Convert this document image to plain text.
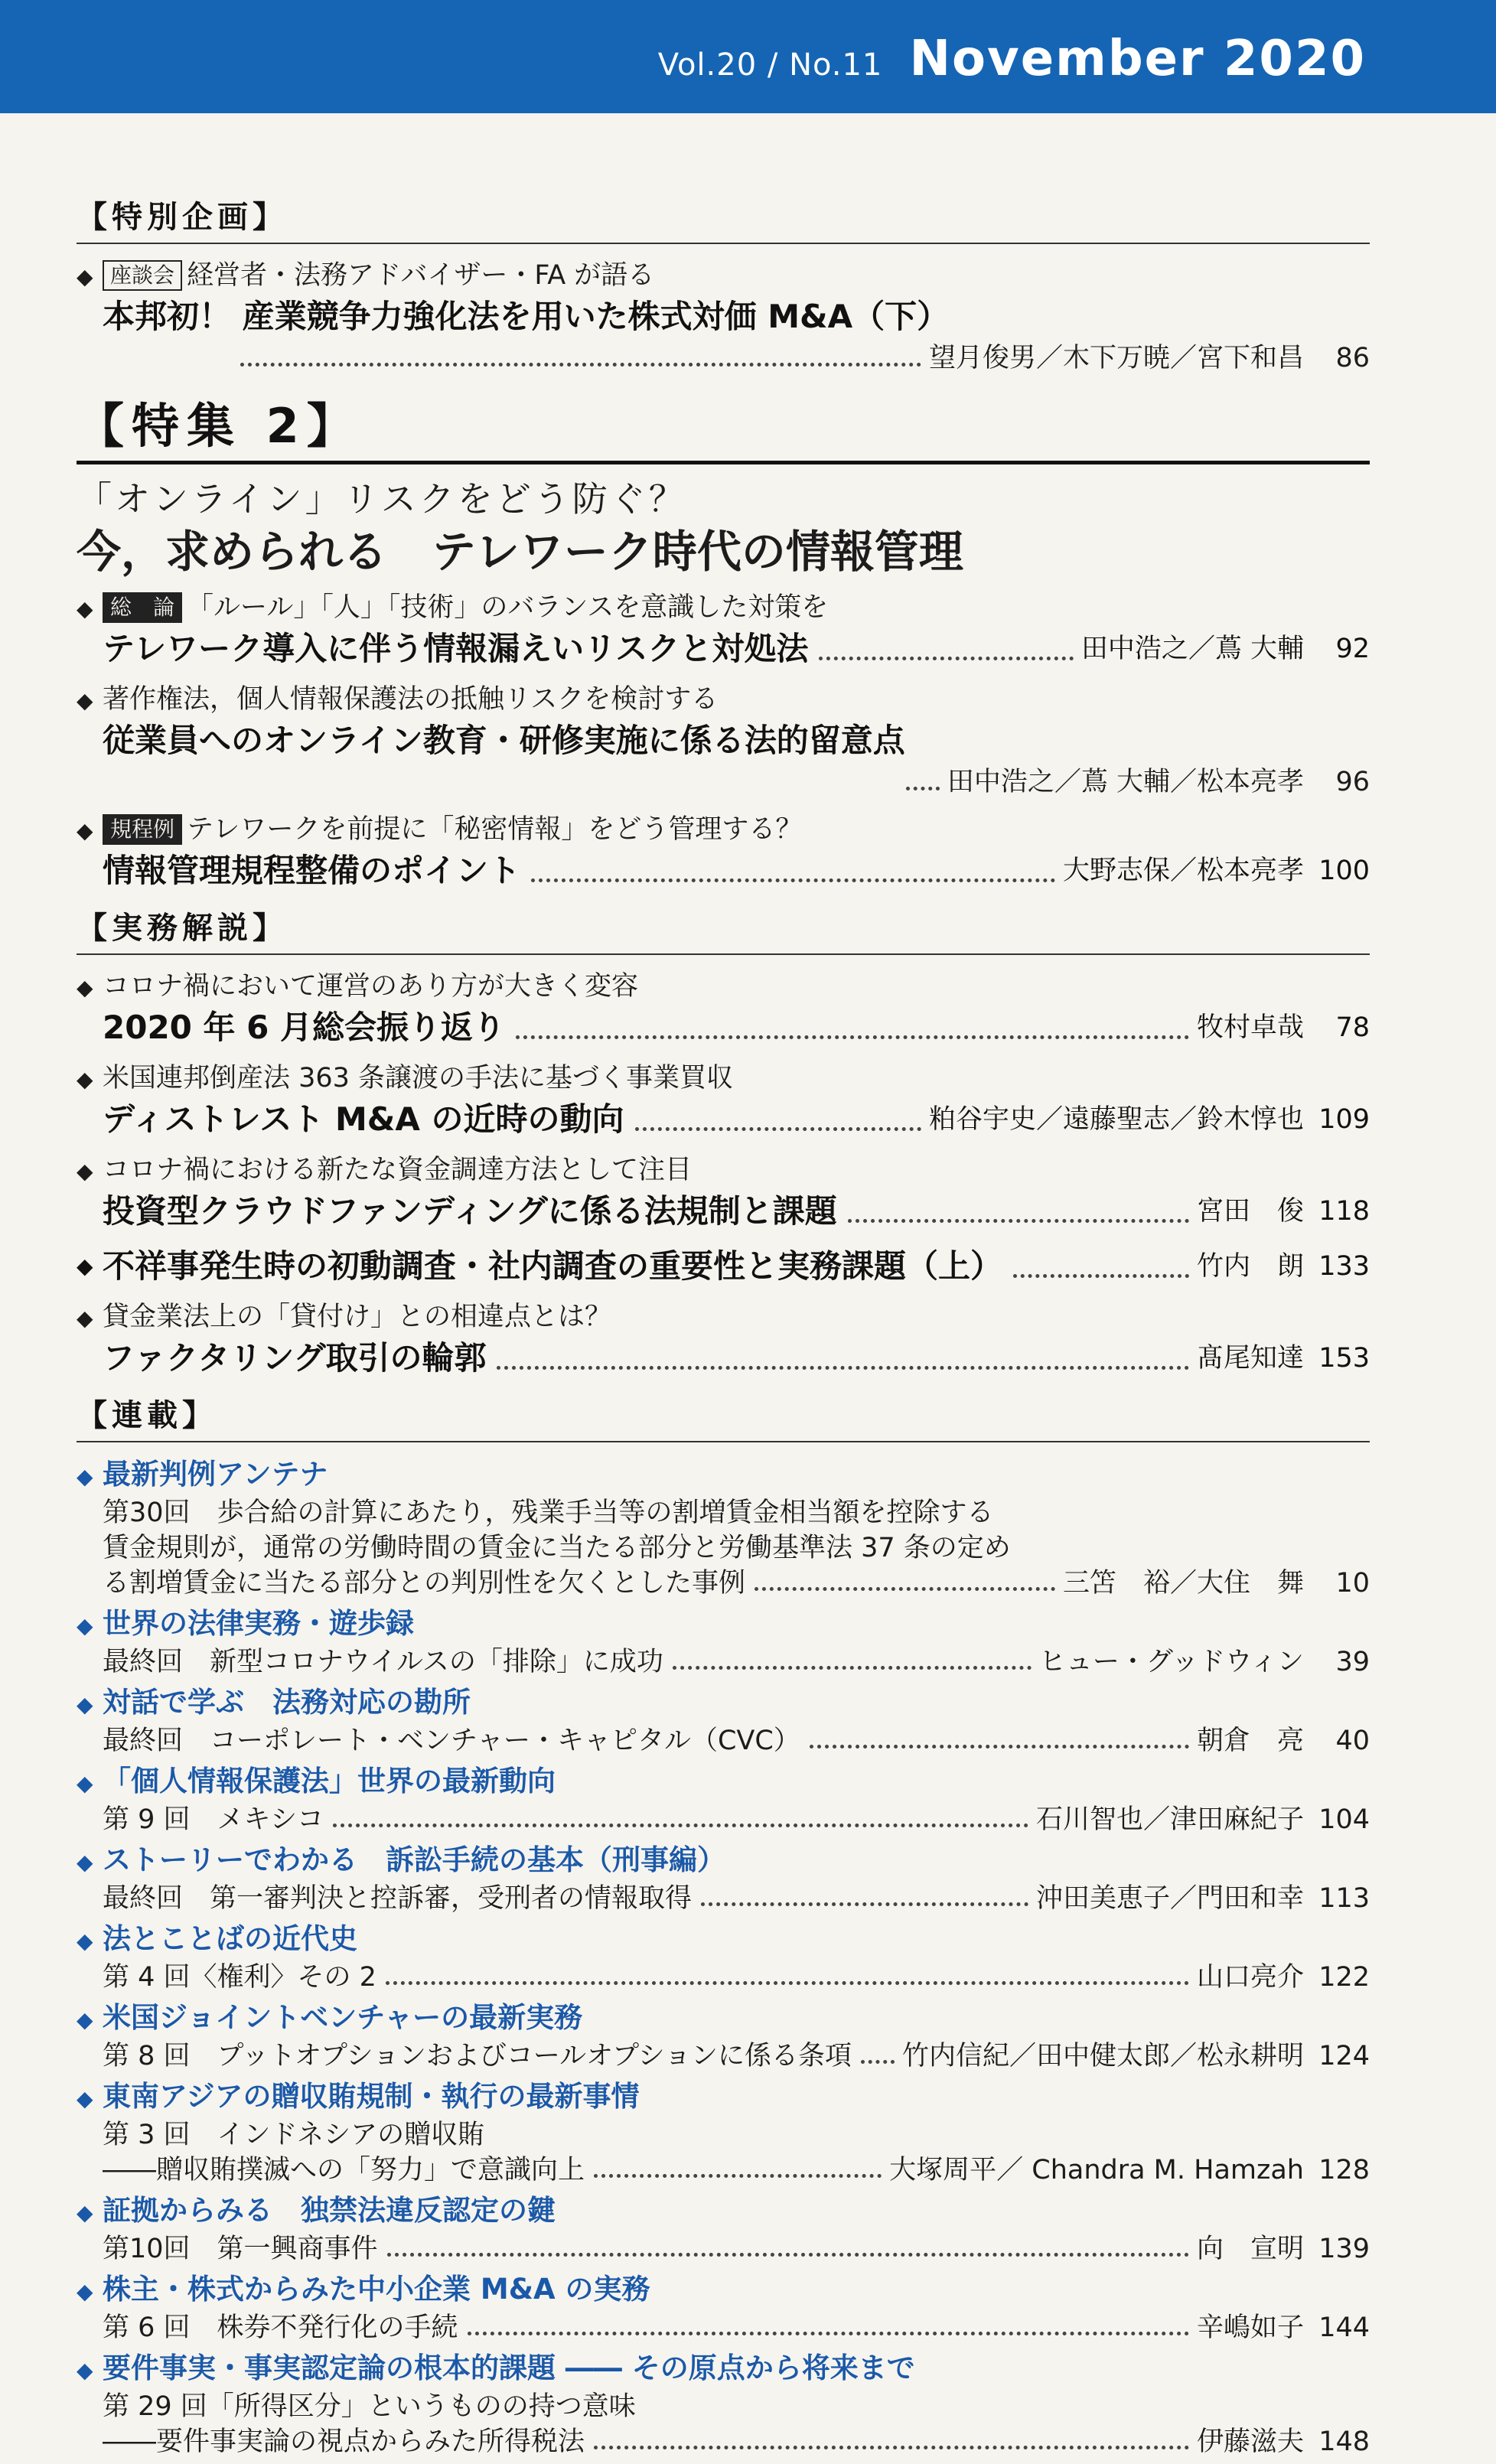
Vol.20 / No.11 November 2020
【特別企画】
◆ 座談会 経営者・法務アドバイザー・FA が語る
本邦初！ 産業競争力強化法を用いた株式対価 M&A（下）
望月俊男／木下万暁／宮下和昌	86
【特集 2】
「オンライン」リスクをどう防ぐ？
今，求められる　テレワーク時代の情報管理
◆ 総　論 「ルール」「人」「技術」のバランスを意識した対策を
テレワーク導入に伴う情報漏えいリスクと対処法	田中浩之／蔦 大輔	92
◆ 著作権法，個人情報保護法の抵触リスクを検討する
従業員へのオンライン教育・研修実施に係る法的留意点
田中浩之／蔦 大輔／松本亮孝	96
◆ 規程例 テレワークを前提に「秘密情報」をどう管理する？
情報管理規程整備のポイント	大野志保／松本亮孝 100
【実務解説】
◆ コロナ禍において運営のあり方が大きく変容
2020 年 6 月総会振り返り	牧村卓哉	78
◆ 米国連邦倒産法 363 条譲渡の手法に基づく事業買収
ディストレスト M&A の近時の動向	粕谷宇史／遠藤聖志／鈴木惇也 109
◆ コロナ禍における新たな資金調達方法として注目
投資型クラウドファンディングに係る法規制と課題	宮田　俊 118
◆ 不祥事発生時の初動調査・社内調査の重要性と実務課題（上）	竹内　朗 133
◆ 貸金業法上の「貸付け」との相違点とは？
ファクタリング取引の輪郭	髙尾知達 153
【連載】
◆ 最新判例アンテナ
第30回　歩合給の計算にあたり，残業手当等の割増賃金相当額を控除する
賃金規則が，通常の労働時間の賃金に当たる部分と労働基準法 37 条の定め
る割増賃金に当たる部分との判別性を欠くとした事例	三笘　裕／大住　舞	10
◆ 世界の法律実務・遊歩録
最終回　新型コロナウイルスの「排除」に成功	ヒュー・グッドウィン	39
◆ 対話で学ぶ　法務対応の勘所
最終回　コーポレート・ベンチャー・キャピタル（CVC）	朝倉　亮	40
◆ 「個人情報保護法」世界の最新動向
第 9 回　メキシコ	石川智也／津田麻紀子 104
◆ ストーリーでわかる　訴訟手続の基本（刑事編）
最終回　第一審判決と控訴審，受刑者の情報取得	沖田美恵子／門田和幸 113
◆ 法とことばの近代史
第 4 回〈権利〉その 2	山口亮介 122
◆ 米国ジョイントベンチャーの最新実務
第 8 回　プットオプションおよびコールオプションに係る条項 竹内信紀／田中健太郎／松永耕明 124
◆ 東南アジアの贈収賄規制・執行の最新事情
第 3 回　インドネシアの贈収賄
――贈収賄撲滅への「努力」で意識向上	大塚周平／ Chandra M. Hamzah 128
◆ 証拠からみる　独禁法違反認定の鍵
第10回　第一興商事件	向　宣明 139
◆ 株主・株式からみた中小企業 M&A の実務
第 6 回　株券不発行化の手続	辛嶋如子 144
◆ 要件事実・事実認定論の根本的課題 ―― その原点から将来まで
第 29 回「所得区分」というものの持つ意味
――要件事実論の視点からみた所得税法	伊藤滋夫 148
